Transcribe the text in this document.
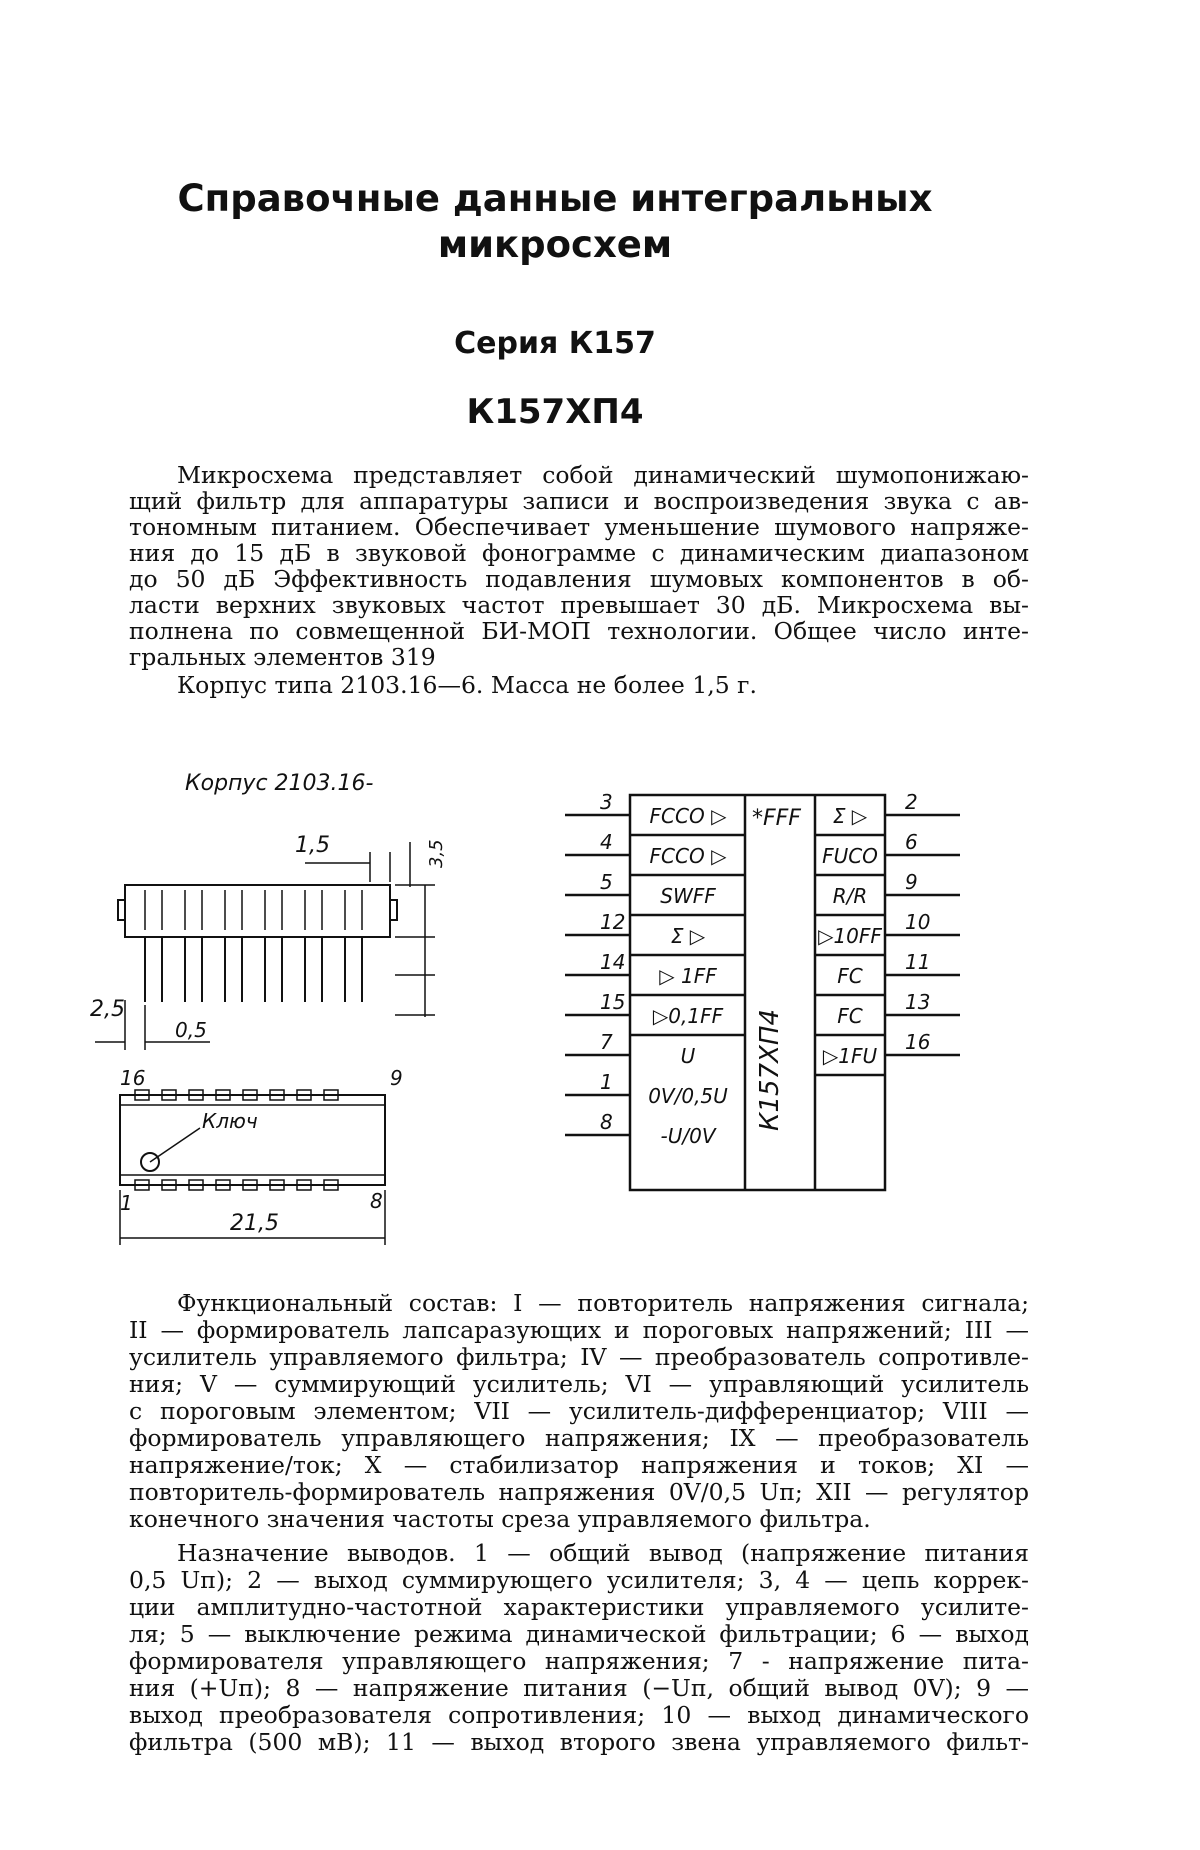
Справочные данные интегральных
микросхем
Серия К157
К157ХП4

Микросхема представляет собой динамический шумопонижаю-

щий фильтр для аппаратуры записи и воспроизведения звука с ав-

тономным питанием. Обеспечивает уменьшение шумового напряже-

ния до 15 дБ в звуковой фонограмме с динамическим диапазоном

до 50 дБ Эффективность подавления шумовых компонентов в об-

ласти верхних звуковых частот превышает 30 дБ. Микросхема вы-

полнена по совмещенной БИ-МОП технологии. Общее число инте-

гральных элементов 319

Корпус типа 2103.16—6. Масса не более 1,5 г.

Корпус 2103.16-
1,5	3,5
2,5
0,5
Ключ
16	9
1	8
21,5
*FFF
К157ХП4
FCCO ▷
3
FCCO ▷
4
SWFF
5
Σ ▷
12
▷ 1FF
14
▷0,1FF
15
U
7
0V/0,5U
1
-U/0V
8
Σ ▷
2
FUCO
6
R/R
9
▷10FF
10
FC
11
FC
13
▷1FU
16

Функциональный состав: I — повторитель напряжения сигнала;

II — формирователь лапсаразующих и пороговых напряжений; III —

усилитель управляемого фильтра; IV — преобразователь сопротивле-

ния; V — суммирующий усилитель; VI — управляющий усилитель

с пороговым элементом; VII — усилитель-дифференциатор; VIII —

формирователь управляющего напряжения; IX — преобразователь

напряжение/ток; X — стабилизатор напряжения и токов; XI —

повторитель-формирователь напряжения 0V/0,5 Uп; XII — регулятор

конечного значения частоты среза управляемого фильтра.

Назначение выводов. 1 — общий вывод (напряжение питания

0,5 Uп); 2 — выход суммирующего усилителя; 3, 4 — цепь коррек-

ции амплитудно-частотной характеристики управляемого усилите-

ля; 5 — выключение режима динамической фильтрации; 6 — выход

формирователя управляющего напряжения; 7 - напряжение пита-

ния (+Uп); 8 — напряжение питания (−Uп, общий вывод 0V); 9 —

выход преобразователя сопротивления; 10 — выход динамического

фильтра (500 мВ); 11 — выход второго звена управляемого фильт-
